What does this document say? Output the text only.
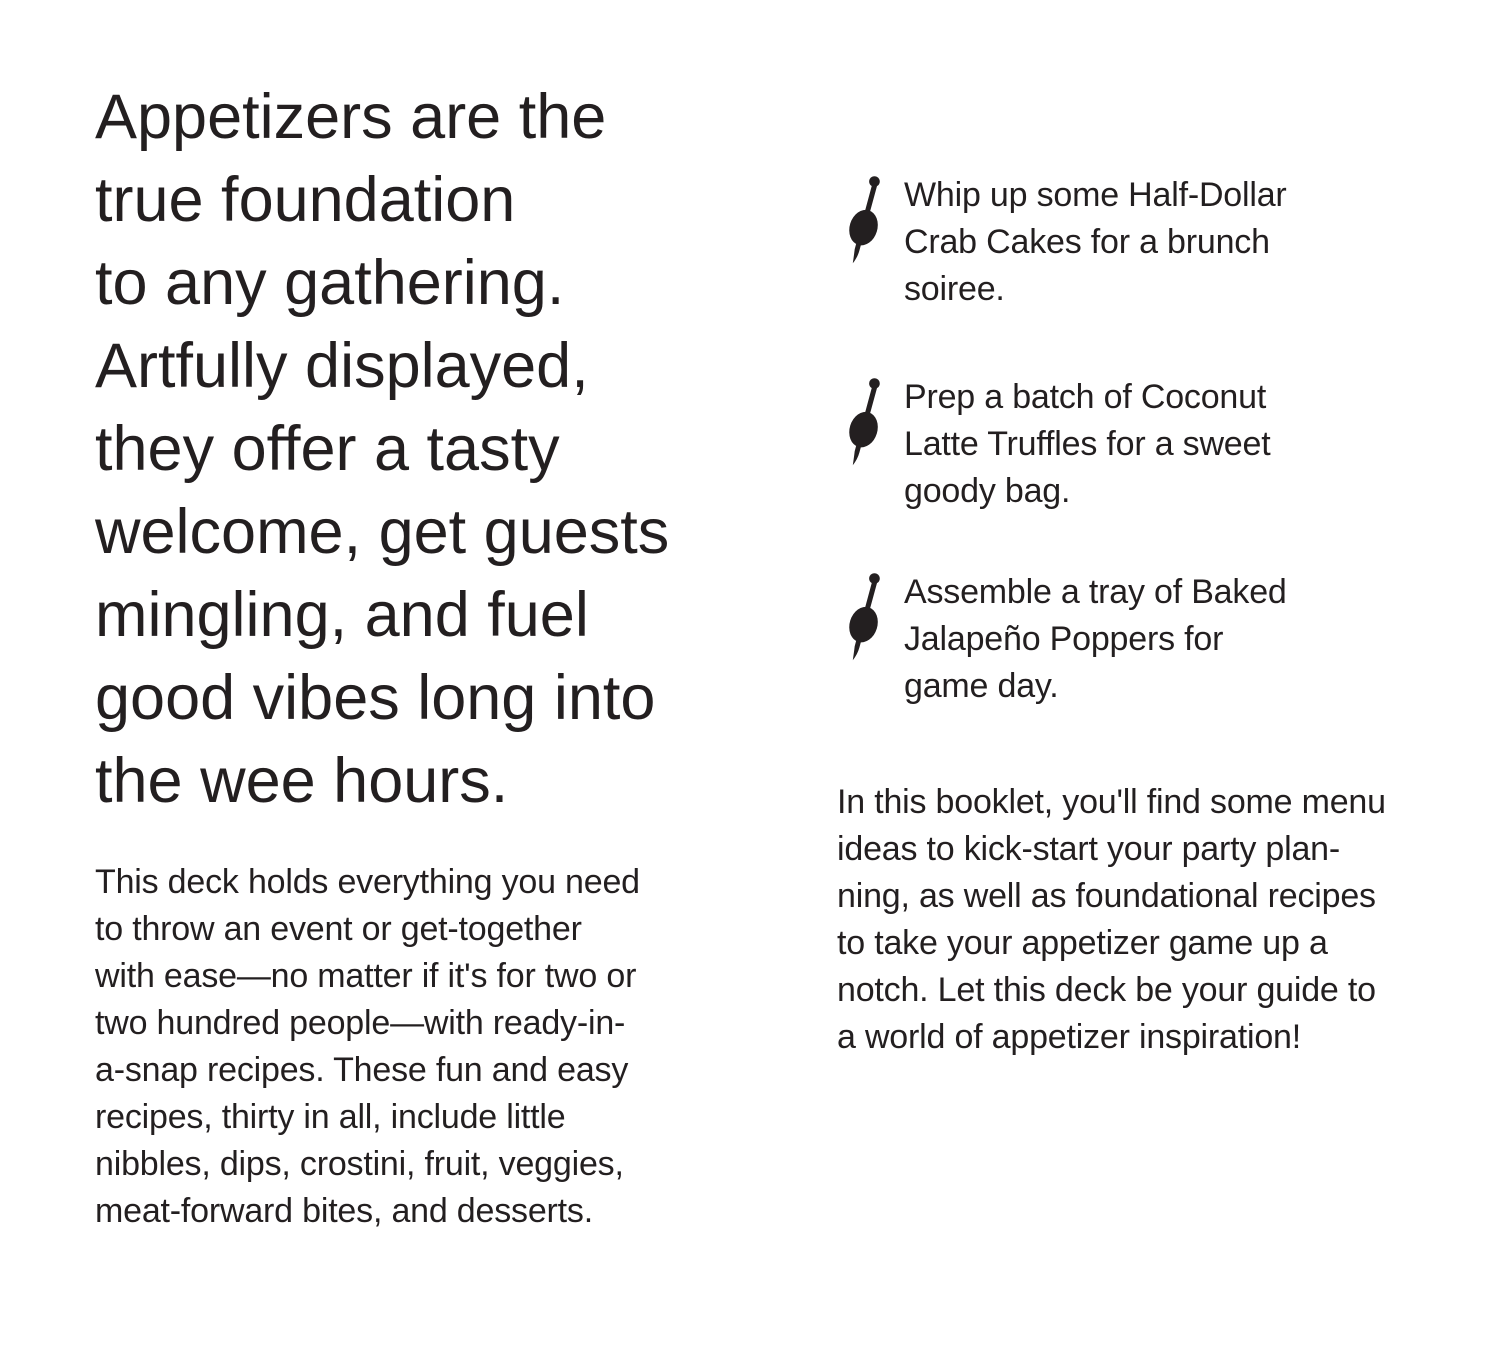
Appetizers are the
true foundation
to any gathering.
Artfully displayed,
they offer a tasty
welcome, get guests
mingling, and fuel
good vibes long into
the wee hours.
This deck holds everything you need
to throw an event or get-together
with ease—no matter if it's for two or
two hundred people—with ready-in-
a-snap recipes. These fun and easy
recipes, thirty in all, include little
nibbles, dips, crostini, fruit, veggies,
meat-forward bites, and desserts.
Whip up some Half-Dollar
Crab Cakes for a brunch
soiree.
Prep a batch of Coconut
Latte Truffles for a sweet
goody bag.
Assemble a tray of Baked
Jalapeño Poppers for
game day.
In this booklet, you'll find some menu
ideas to kick-start your party plan-
ning, as well as foundational recipes
to take your appetizer game up a
notch. Let this deck be your guide to
a world of appetizer inspiration!
